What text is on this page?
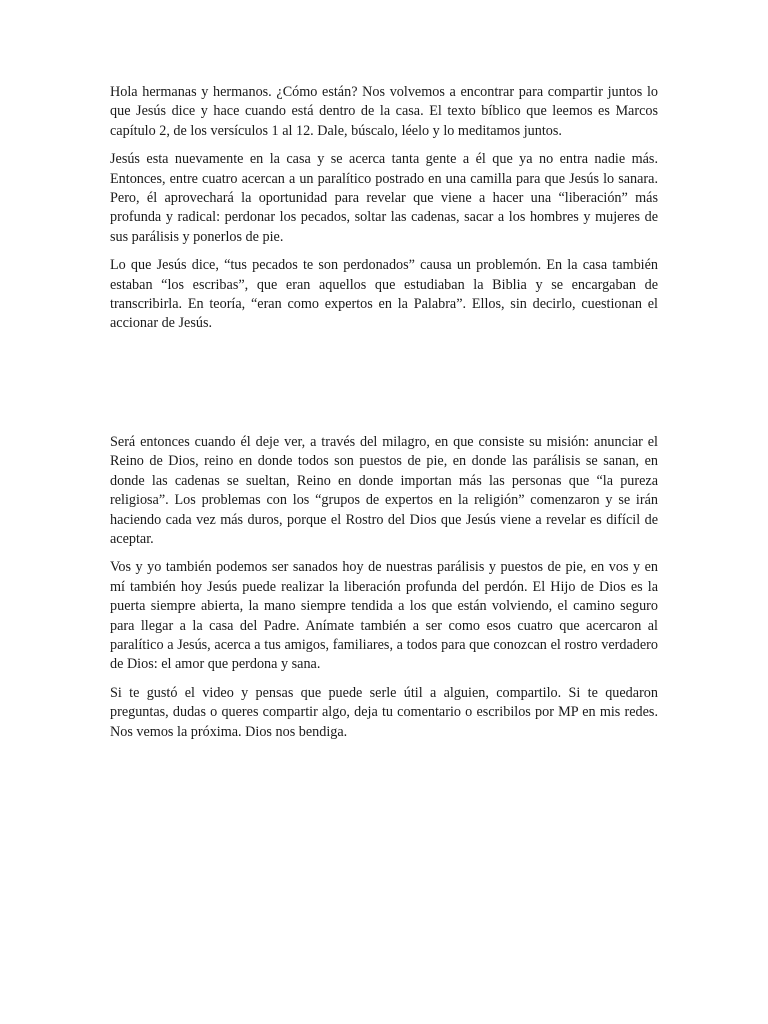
Hola hermanas y hermanos. ¿Cómo están? Nos volvemos a encontrar para compartir juntos lo que Jesús dice y hace cuando está dentro de la casa. El texto bíblico que leemos es Marcos capítulo 2, de los versículos 1 al 12. Dale, búscalo, léelo y lo meditamos juntos.

Jesús esta nuevamente en la casa y se acerca tanta gente a él que ya no entra nadie más. Entonces, entre cuatro acercan a un paralítico postrado en una camilla para que Jesús lo sanara. Pero, él aprovechará la oportunidad para revelar que viene a hacer una “liberación” más profunda y radical: perdonar los pecados, soltar las cadenas, sacar a los hombres y mujeres de sus parálisis y ponerlos de pie.

Lo que Jesús dice, “tus pecados te son perdonados” causa un problemón. En la casa también estaban “los escribas”, que eran aquellos que estudiaban la Biblia y se encargaban de transcribirla. En teoría, “eran como expertos en la Palabra”. Ellos, sin decirlo, cuestionan el accionar de Jesús.

Será entonces cuando él deje ver, a través del milagro, en que consiste su misión: anunciar el Reino de Dios, reino en donde todos son puestos de pie, en donde las parálisis se sanan, en donde las cadenas se sueltan, Reino en donde importan más las personas que “la pureza religiosa”. Los problemas con los “grupos de expertos en la religión” comenzaron y se irán haciendo cada vez más duros, porque el Rostro del Dios que Jesús viene a revelar es difícil de aceptar.

Vos y yo también podemos ser sanados hoy de nuestras parálisis y puestos de pie, en vos y en mí también hoy Jesús puede realizar la liberación profunda del perdón. El Hijo de Dios es la puerta siempre abierta, la mano siempre tendida a los que están volviendo, el camino seguro para llegar a la casa del Padre. Anímate también a ser como esos cuatro que acercaron al paralítico a Jesús, acerca a tus amigos, familiares, a todos para que conozcan el rostro verdadero de Dios: el amor que perdona y sana.

Si te gustó el video y pensas que puede serle útil a alguien, compartilo. Si te quedaron preguntas, dudas o queres compartir algo, deja tu comentario o escribilos por MP en mis redes. Nos vemos la próxima. Dios nos bendiga.
